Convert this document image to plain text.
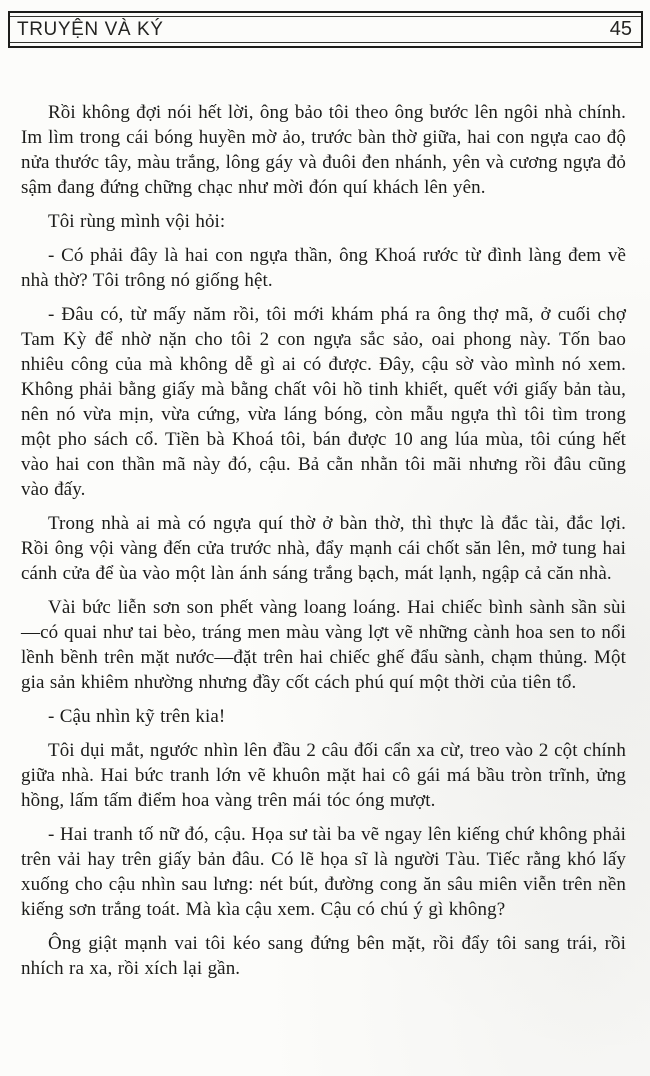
TRUYỆN VÀ KÝ	45

Rồi không đợi nói hết lời, ông bảo tôi theo ông bước lên ngôi nhà chính. Im lìm trong cái bóng huyền mờ ảo, trước bàn thờ giữa, hai con ngựa cao độ nửa thước tây, màu trắng, lông gáy và đuôi đen nhánh, yên và cương ngựa đỏ sậm đang đứng chững chạc như mời đón quí khách lên yên.

Tôi rùng mình vội hỏi:

- Có phải đây là hai con ngựa thần, ông Khoá rước từ đình làng đem về nhà thờ? Tôi trông nó giống hệt.

- Đâu có, từ mấy năm rồi, tôi mới khám phá ra ông thợ mã, ở cuối chợ Tam Kỳ để nhờ nặn cho tôi 2 con ngựa sắc sảo, oai phong này. Tốn bao nhiêu công của mà không dễ gì ai có được. Đây, cậu sờ vào mình nó xem. Không phải bằng giấy mà bằng chất vôi hồ tinh khiết, quết với giấy bản tàu, nên nó vừa mịn, vừa cứng, vừa láng bóng, còn mẫu ngựa thì tôi tìm trong một pho sách cổ. Tiền bà Khoá tôi, bán được 10 ang lúa mùa, tôi cúng hết vào hai con thần mã này đó, cậu. Bả cằn nhằn tôi mãi nhưng rồi đâu cũng vào đấy.

Trong nhà ai mà có ngựa quí thờ ở bàn thờ, thì thực là đắc tài, đắc lợi. Rồi ông vội vàng đến cửa trước nhà, đẩy mạnh cái chốt săn lên, mở tung hai cánh cửa để ùa vào một làn ánh sáng trắng bạch, mát lạnh, ngập cả căn nhà.

Vài bức liễn sơn son phết vàng loang loáng. Hai chiếc bình sành sần sùi—có quai như tai bèo, tráng men màu vàng lợt vẽ những cành hoa sen to nổi lềnh bềnh trên mặt nước—đặt trên hai chiếc ghế đẩu sành, chạm thủng. Một gia sản khiêm nhường nhưng đầy cốt cách phú quí một thời của tiên tổ.

- Cậu nhìn kỹ trên kia!

Tôi dụi mắt, ngước nhìn lên đầu 2 câu đối cẩn xa cừ, treo vào 2 cột chính giữa nhà. Hai bức tranh lớn vẽ khuôn mặt hai cô gái má bầu tròn trĩnh, ửng hồng, lấm tấm điểm hoa vàng trên mái tóc óng mượt.

- Hai tranh tố nữ đó, cậu. Họa sư tài ba vẽ ngay lên kiếng chứ không phải trên vải hay trên giấy bản đâu. Có lẽ họa sĩ là người Tàu. Tiếc rằng khó lấy xuống cho cậu nhìn sau lưng: nét bút, đường cong ăn sâu miên viễn trên nền kiếng sơn trắng toát. Mà kìa cậu xem. Cậu có chú ý gì không?

Ông giật mạnh vai tôi kéo sang đứng bên mặt, rồi đẩy tôi sang trái, rồi nhích ra xa, rồi xích lại gần.
